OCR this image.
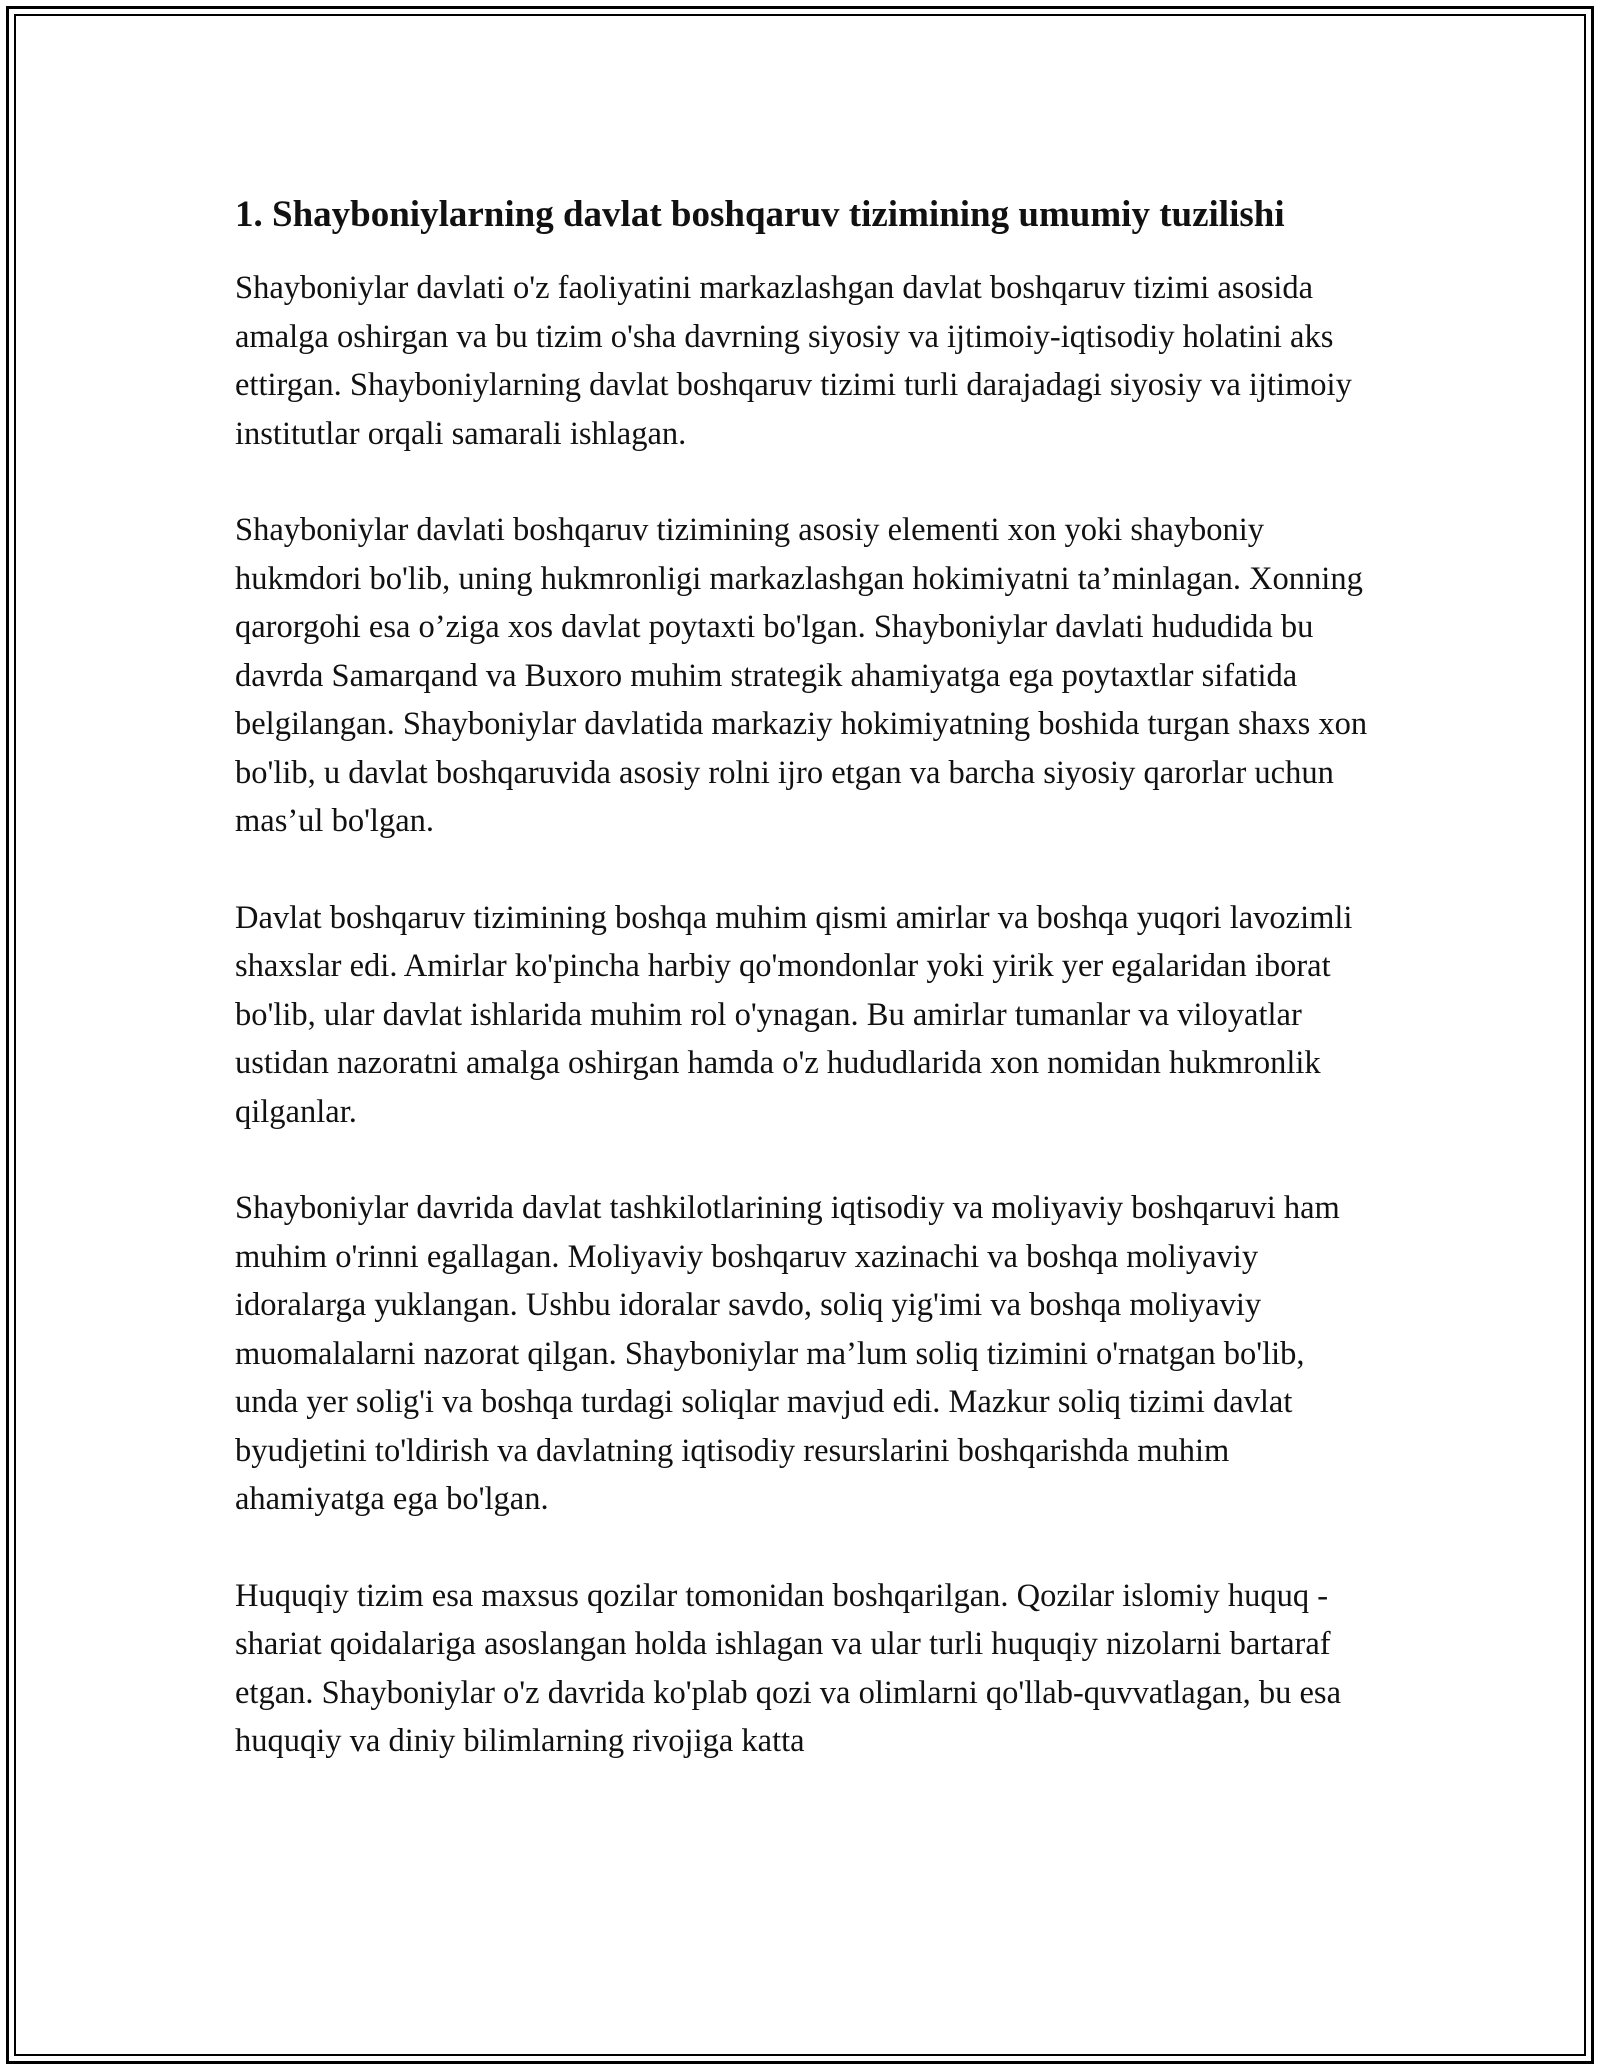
1. Shayboniylarning davlat boshqaruv tizimining umumiy tuzilishi

Shayboniylar davlati o'z faoliyatini markazlashgan davlat boshqaruv tizimi asosida amalga oshirgan va bu tizim o'sha davrning siyosiy va ijtimoiy-iqtisodiy holatini aks ettirgan. Shayboniylarning davlat boshqaruv tizimi turli darajadagi siyosiy va ijtimoiy institutlar orqali samarali ishlagan.

Shayboniylar davlati boshqaruv tizimining asosiy elementi xon yoki shayboniy hukmdori bo'lib, uning hukmronligi markazlashgan hokimiyatni ta’minlagan. Xonning qarorgohi esa o’ziga xos davlat poytaxti bo'lgan. Shayboniylar davlati hududida bu davrda Samarqand va Buxoro muhim strategik ahamiyatga ega poytaxtlar sifatida belgilangan. Shayboniylar davlatida markaziy hokimiyatning boshida turgan shaxs xon bo'lib, u davlat boshqaruvida asosiy rolni ijro etgan va barcha siyosiy qarorlar uchun mas’ul bo'lgan.

Davlat boshqaruv tizimining boshqa muhim qismi amirlar va boshqa yuqori lavozimli shaxslar edi. Amirlar ko'pincha harbiy qo'mondonlar yoki yirik yer egalaridan iborat bo'lib, ular davlat ishlarida muhim rol o'ynagan. Bu amirlar tumanlar va viloyatlar ustidan nazoratni amalga oshirgan hamda o'z hududlarida xon nomidan hukmronlik qilganlar.

Shayboniylar davrida davlat tashkilotlarining iqtisodiy va moliyaviy boshqaruvi ham muhim o'rinni egallagan. Moliyaviy boshqaruv xazinachi va boshqa moliyaviy idoralarga yuklangan. Ushbu idoralar savdo, soliq yig'imi va boshqa moliyaviy muomalalarni nazorat qilgan. Shayboniylar ma’lum soliq tizimini o'rnatgan bo'lib, unda yer solig'i va boshqa turdagi soliqlar mavjud edi. Mazkur soliq tizimi davlat byudjetini to'ldirish va davlatning iqtisodiy resurslarini boshqarishda muhim ahamiyatga ega bo'lgan.

Huquqiy tizim esa maxsus qozilar tomonidan boshqarilgan. Qozilar islomiy huquq - shariat qoidalariga asoslangan holda ishlagan va ular turli huquqiy nizolarni bartaraf etgan. Shayboniylar o'z davrida ko'plab qozi va olimlarni qo'llab-quvvatlagan, bu esa huquqiy va diniy bilimlarning rivojiga katta
